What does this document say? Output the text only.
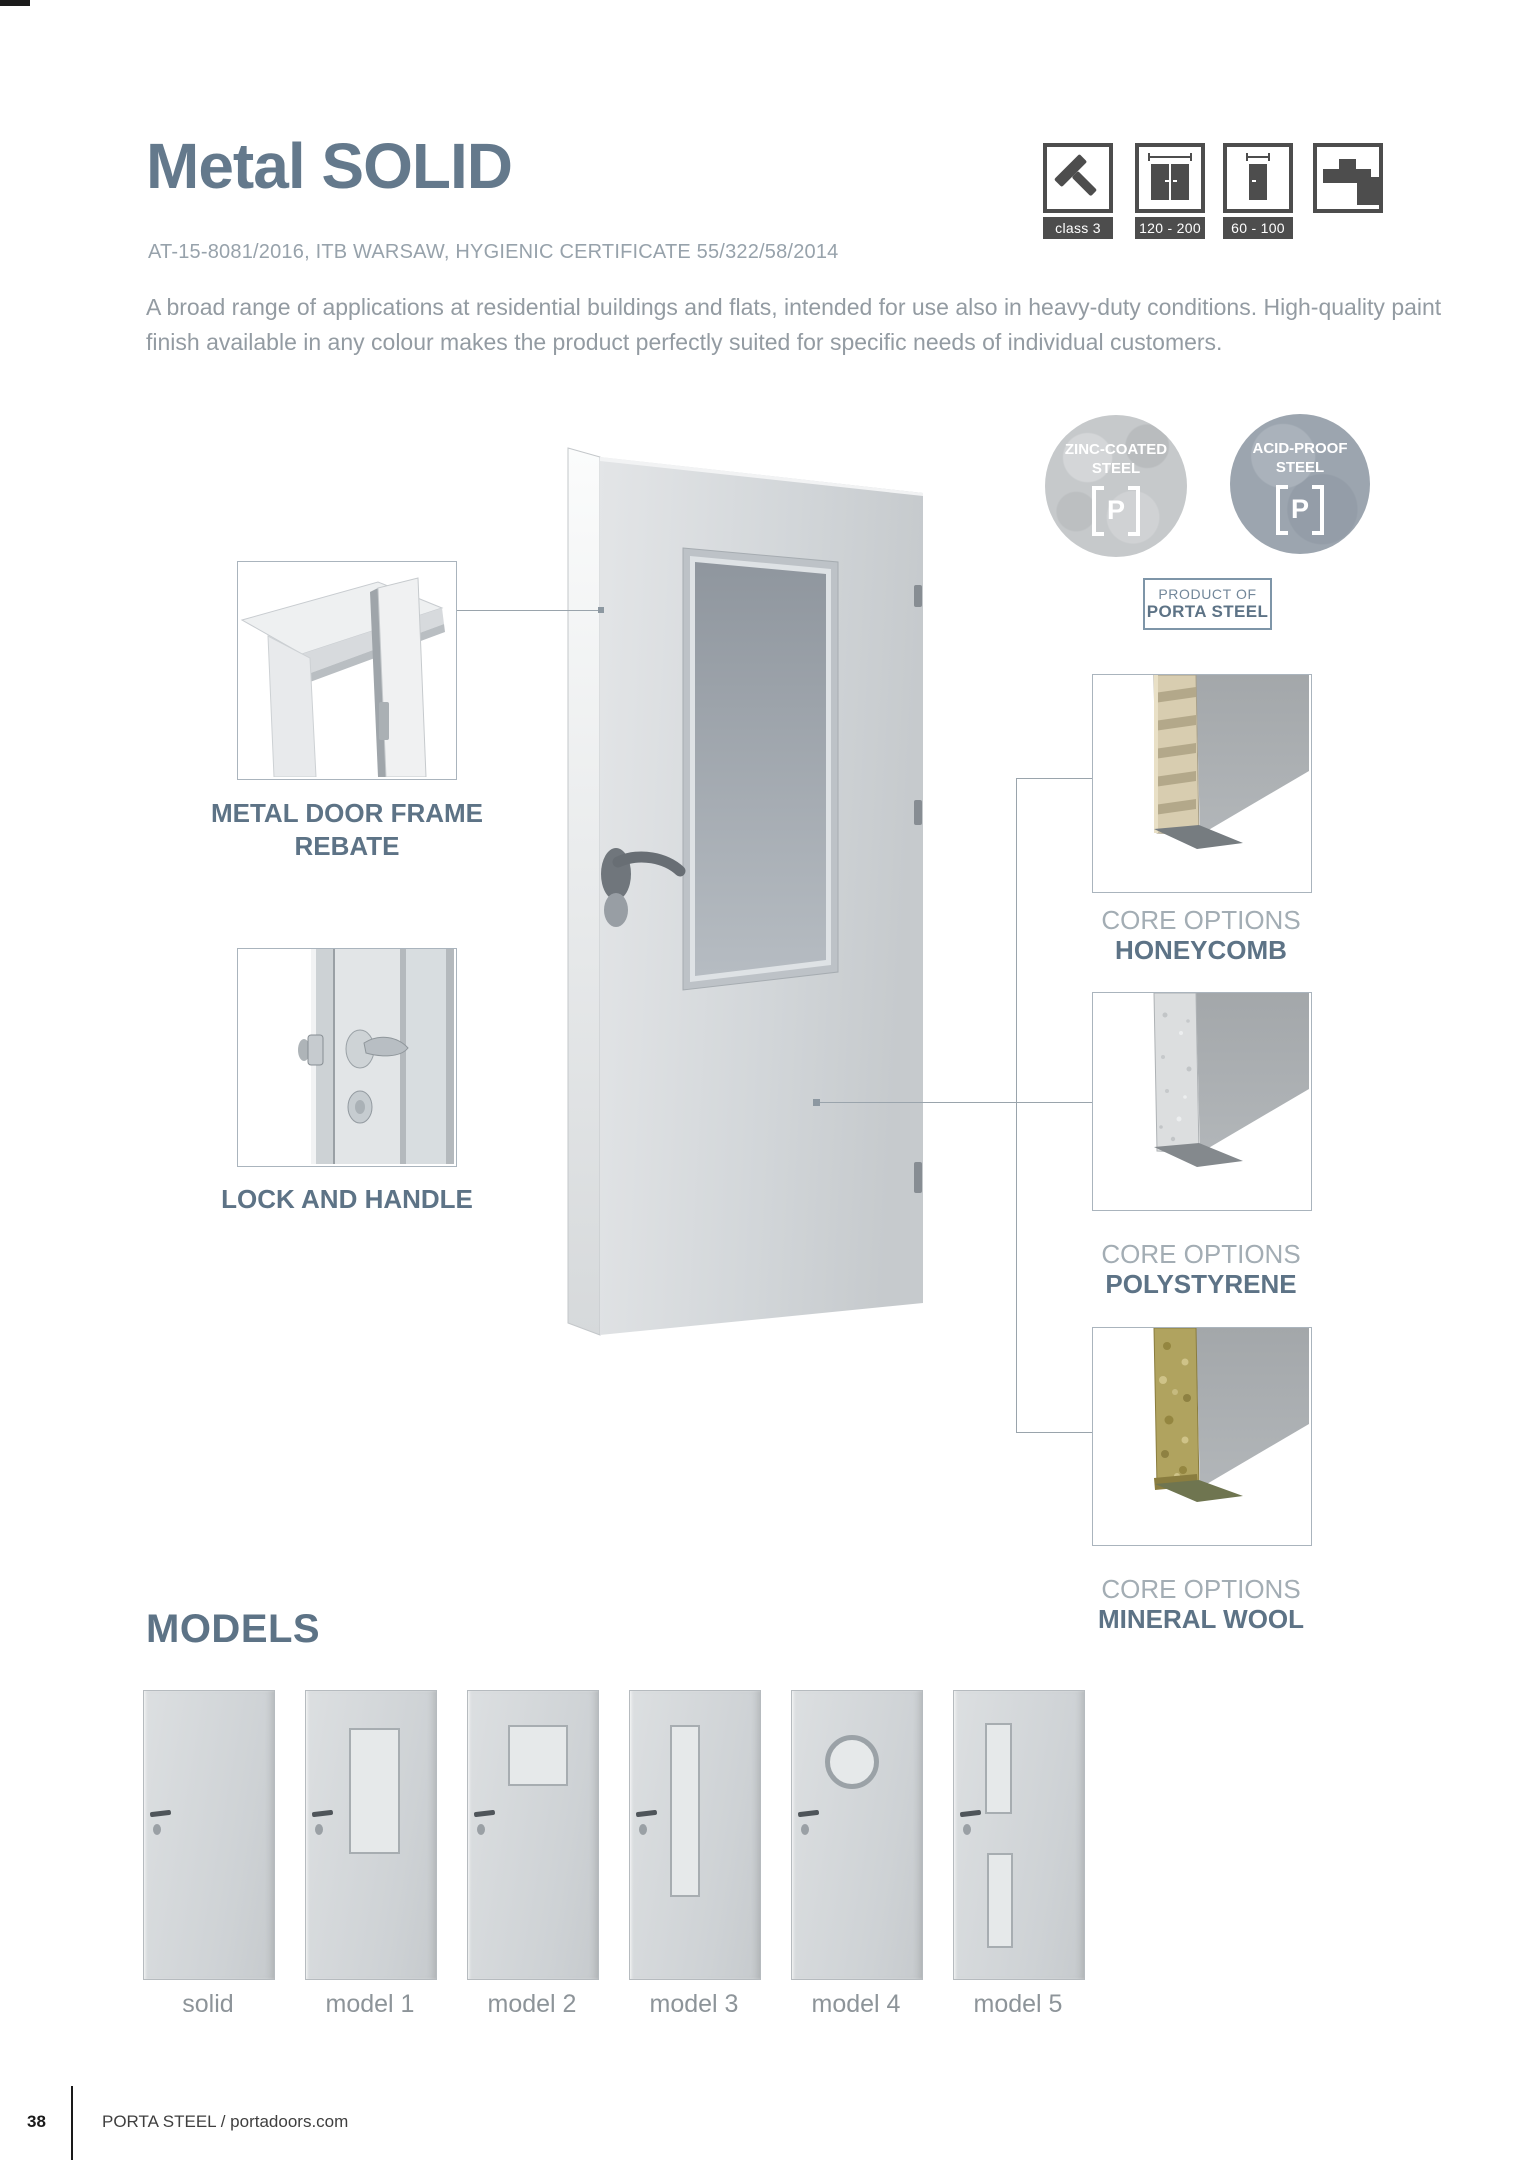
Metal SOLID
AT-15-8081/2016, ITB WARSAW, HYGIENIC CERTIFICATE 55/322/58/2014
A broad range of applications at residential buildings and flats, intended for use also in heavy-duty conditions. High-quality paint finish available in any colour makes the product perfectly suited for specific needs of individual customers.
class 3	120 - 200	60 - 100
METAL DOOR FRAME
REBATE
LOCK AND HANDLE
ZINC-COATED
STEEL
P
ACID-PROOF
STEEL
P
PRODUCT OF
PORTA STEEL
CORE OPTIONS
HONEYCOMB
CORE OPTIONS
POLYSTYRENE
CORE OPTIONS
MINERAL WOOL
MODELS
solid	model 1	model 2	model 3	model 4	model 5
38	PORTA STEEL / portadoors.com
